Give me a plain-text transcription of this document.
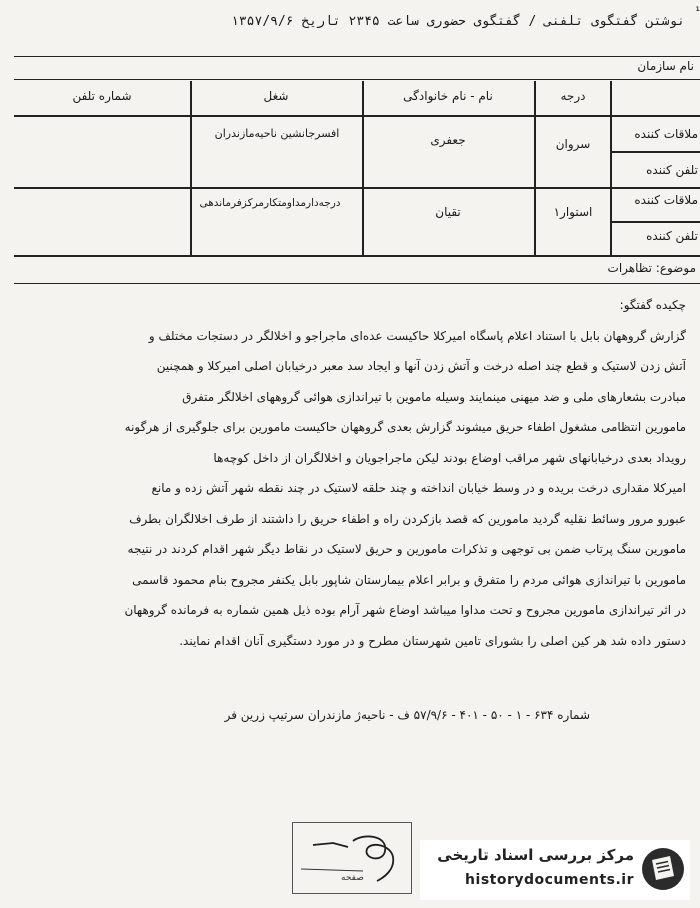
¹
نوشتن گفتگوی تلفنی / گفتگوی حضوری ساعت ۲۳۴۵ تاریخ ۱۳۵۷/۹/۶
نام سازمان
درجه
نام - نام خانوادگی
شغل
شماره تلفن
ملاقات کننده
تلفن کننده
سروان
جعفری
افسرجانشین ناحیه‌مازندران
ملاقات کننده
تلفن کننده
استوار۱
تقیان
درجه‌دارمداومتکارمرکزفرماندهی
موضوع: تظاهرات

چکیده گفتگو:

گزارش گروههان بابل با استناد اعلام پاسگاه امیرکلا حاکیست عده‌ای ماجراجو و اخلالگر در دستجات مختلف و

آتش زدن لاستیک و قطع چند اصله درخت و آتش زدن آنها و ایجاد سد معبر درخیابان اصلی امیرکلا و همچنین

مبادرت بشعارهای ملی و ضد میهنی مینمایند وسیله ماموین با تیراندازی هوائی گروههای اخلالگر متفرق

مامورین انتظامی مشغول اطفاء حریق میشوند گزارش بعدی گروههان حاکیست مامورین برای جلوگیری از هرگونه

رویداد بعدی درخیابانهای شهر مراقب اوضاع بودند لیکن ماجراجویان و اخلالگران از داخل کوچه‌ها

امیرکلا مقداری درخت بریده و در وسط خیابان انداخته و چند حلقه لاستیک در چند نقطه شهر آتش زده و مانع

عبورو مرور وسائط نقلیه گردید مامورین که قصد بازکردن راه و اطفاء حریق را داشتند از طرف اخلالگران بطرف

مامورین سنگ پرتاب ضمن بی توجهی و تذکرات مامورین و حریق لاستیک در نقاط دیگر شهر اقدام کردند در نتیجه

مامورین با تیراندازی هوائی مردم را متفرق و برابر اعلام بیمارستان شاپور بابل یکنفر مجروح بنام محمود قاسمی

در اثر تیراندازی مامورین مجروح و تحت مداوا میباشد اوضاع شهر آرام بوده ذیل همین شماره به فرمانده گروههان

دستور داده شد هر کین اصلی را بشورای تامین شهرستان مطرح و در مورد دستگیری آنان اقدام نمایند.

شماره ۶۳۴ - ۱ - ۵۰ - ۴۰۱ - ۵۷/۹/۶ ف - ناحیه‌ژ مازندران سرتیپ زرین فر
صفحه
مرکز بررسی اسناد تاریخی
historydocuments.ir
